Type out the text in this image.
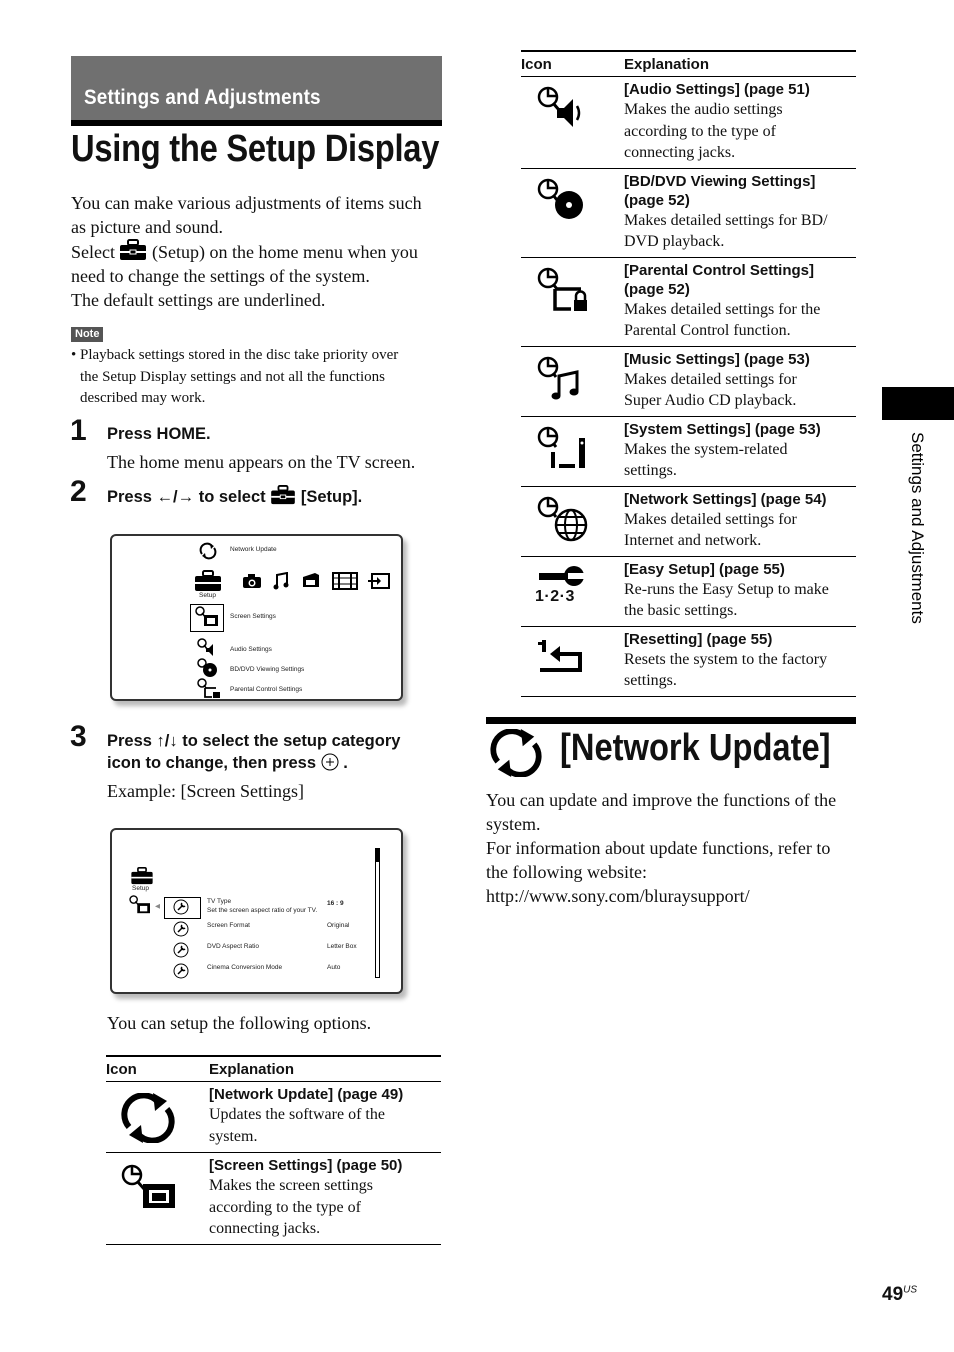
Settings and Adjustments
Using the Setup Display
You can make various adjustments of items such
as picture and sound.
Select (Setup) on the home menu when you
need to change the settings of the system.
The default settings are underlined.
Note
• Playback settings stored in the disc take priority over
the Setup Display settings and not all the functions
described may work.
1 Press HOME.
The home menu appears on the TV screen.
2 Press ←/→ to select [Setup].
Network Update
Setup
Screen Settings
Audio Settings
BD/DVD Viewing Settings
Parental Control Settings
3 Press ↑/↓ to select the setup category
icon to change, then press .
Example: [Screen Settings]
Setup
◀
TV Type
Set the screen aspect ratio of your TV.
16 : 9
Screen Format	Original
DVD Aspect Ratio	Letter Box
Cinema Conversion Mode	Auto
You can setup the following options.
Icon	Explanation

[Network Update] (page 49)
Updates the software of the
system.

[Screen Settings] (page 50)
Makes the screen settings
according to the type of
connecting jacks.
Icon	Explanation

[Audio Settings] (page 51)
Makes the audio settings
according to the type of
connecting jacks.

[BD/DVD Viewing Settings]
(page 52)
Makes detailed settings for BD/
DVD playback.

[Parental Control Settings]
(page 52)
Makes detailed settings for the
Parental Control function.

[Music Settings] (page 53)
Makes detailed settings for
Super Audio CD playback.

[System Settings] (page 53)
Makes the system-related
settings.

[Network Settings] (page 54)
Makes detailed settings for
Internet and network.

1·2·3	[Easy Setup] (page 55)
Re-runs the Easy Setup to make
the basic settings.

[Resetting] (page 55)
Resets the system to the factory
settings.
[Network Update]
You can update and improve the functions of the
system.
For information about update functions, refer to
the following website:
http://www.sony.com/bluraysupport/
Settings and Adjustments
$49^{US}$
